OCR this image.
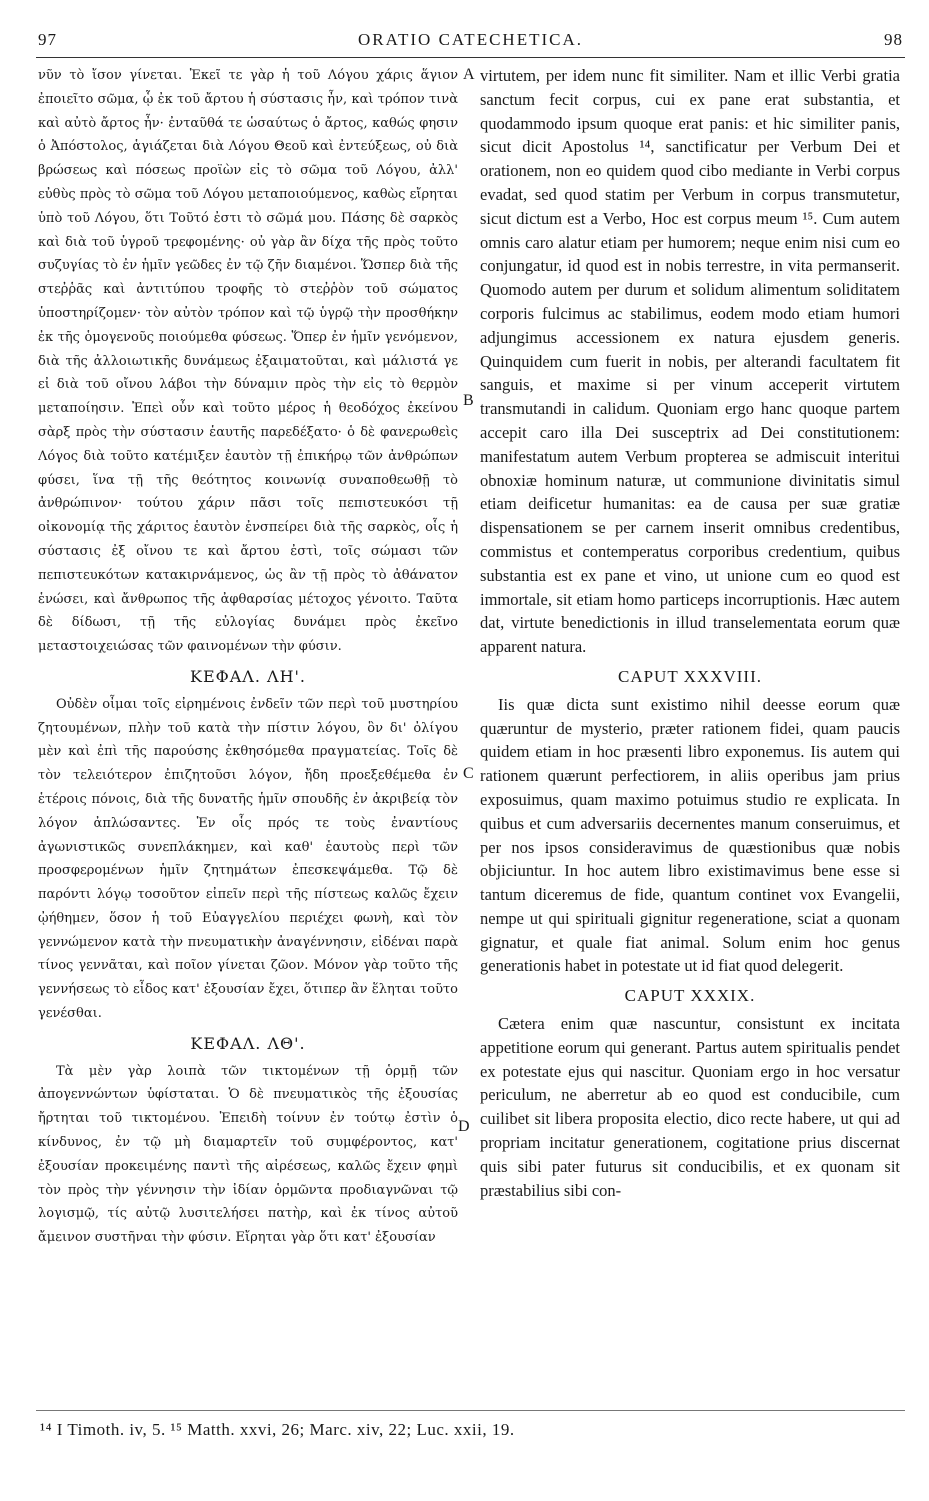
97	ORATIO CATECHETICA.	98

νῦν τὸ ἴσον γίνεται. Ἐκεῖ τε γὰρ ἡ τοῦ Λόγου χάρις ἅγιον ἐποιεῖτο σῶμα, ᾧ ἐκ τοῦ ἄρτου ἡ σύστασις ἦν, καὶ τρόπον τινὰ καὶ αὐτὸ ἄρτος ἦν· ἐνταῦθά τε ὡσαύτως ὁ ἄρτος, καθώς φησιν ὁ Ἀπόστολος, ἁγιάζεται διὰ Λόγου Θεοῦ καὶ ἐντεύξεως, οὐ διὰ βρώσεως καὶ πόσεως προϊὼν εἰς τὸ σῶμα τοῦ Λόγου, ἀλλ' εὐθὺς πρὸς τὸ σῶμα τοῦ Λόγου μεταποιούμενος, καθὼς εἴρηται ὑπὸ τοῦ Λόγου, ὅτι Τοῦτό ἐστι τὸ σῶμά μου. Πάσης δὲ σαρκὸς καὶ διὰ τοῦ ὑγροῦ τρεφομένης· οὐ γὰρ ἂν δίχα τῆς πρὸς τοῦτο συζυγίας τὸ ἐν ἡμῖν γεῶδες ἐν τῷ ζῆν διαμένοι. Ὥσπερ διὰ τῆς στεῤῥᾶς καὶ ἀντιτύπου τροφῆς τὸ στεῤῥὸν τοῦ σώματος ὑποστηρίζομεν· τὸν αὐτὸν τρόπον καὶ τῷ ὑγρῷ τὴν προσθήκην ἐκ τῆς ὁμογενοῦς ποιούμεθα φύσεως. Ὅπερ ἐν ἡμῖν γενόμενον, διὰ τῆς ἀλλοιωτικῆς δυνάμεως ἐξαιματοῦται, καὶ μάλιστά γε εἰ διὰ τοῦ οἴνου λάβοι τὴν δύναμιν πρὸς τὴν εἰς τὸ θερμὸν μεταποίησιν. Ἐπεὶ οὖν καὶ τοῦτο μέρος ἡ θεοδόχος ἐκείνου σὰρξ πρὸς τὴν σύστασιν ἑαυτῆς παρεδέξατο· ὁ δὲ φανερωθεὶς Λόγος διὰ τοῦτο κατέμιξεν ἑαυτὸν τῇ ἐπικήρῳ τῶν ἀνθρώπων φύσει, ἵνα τῇ τῆς θεότητος κοινωνίᾳ συναποθεωθῇ τὸ ἀνθρώπινον· τούτου χάριν πᾶσι τοῖς πεπιστευκόσι τῇ οἰκονομίᾳ τῆς χάριτος ἑαυτὸν ἐνσπείρει διὰ τῆς σαρκὸς, οἷς ἡ σύστασις ἐξ οἴνου τε καὶ ἄρτου ἐστὶ, τοῖς σώμασι τῶν πεπιστευκότων κατακιρνάμενος, ὡς ἂν τῇ πρὸς τὸ ἀθάνατον ἑνώσει, καὶ ἄνθρωπος τῆς ἀφθαρσίας μέτοχος γένοιτο. Ταῦτα δὲ δίδωσι, τῇ τῆς εὐλογίας δυνάμει πρὸς ἐκεῖνο μεταστοιχειώσας τῶν φαινομένων τὴν φύσιν.

ΚΕΦΑΛ. ΛΗ'.

Οὐδὲν οἶμαι τοῖς εἰρημένοις ἐνδεῖν τῶν περὶ τοῦ μυστηρίου ζητουμένων, πλὴν τοῦ κατὰ τὴν πίστιν λόγου, ὃν δι' ὀλίγου μὲν καὶ ἐπὶ τῆς παρούσης ἐκθησόμεθα πραγματείας. Τοῖς δὲ τὸν τελειότερον ἐπιζητοῦσι λόγον, ἤδη προεξεθέμεθα ἐν ἑτέροις πόνοις, διὰ τῆς δυνατῆς ἡμῖν σπουδῆς ἐν ἀκριβείᾳ τὸν λόγον ἀπλώσαντες. Ἐν οἷς πρός τε τοὺς ἐναντίους ἀγωνιστικῶς συνεπλάκημεν, καὶ καθ' ἑαυτοὺς περὶ τῶν προσφερομένων ἡμῖν ζητημάτων ἐπεσκεψάμεθα. Τῷ δὲ παρόντι λόγῳ τοσοῦτον εἰπεῖν περὶ τῆς πίστεως καλῶς ἔχειν ᾠήθημεν, ὅσον ἡ τοῦ Εὐαγγελίου περιέχει φωνὴ, καὶ τὸν γεννώμενον κατὰ τὴν πνευματικὴν ἀναγέννησιν, εἰδέναι παρὰ τίνος γεννᾶται, καὶ ποῖον γίνεται ζῶον. Μόνον γὰρ τοῦτο τῆς γεννήσεως τὸ εἶδος κατ' ἐξουσίαν ἔχει, ὅτιπερ ἂν ἕληται τοῦτο γενέσθαι.

ΚΕΦΑΛ. ΛΘ'.

Τὰ μὲν γὰρ λοιπὰ τῶν τικτομένων τῇ ὁρμῇ τῶν ἀπογεννώντων ὑφίσταται. Ὁ δὲ πνευματικὸς τῆς ἐξουσίας ἤρτηται τοῦ τικτομένου. Ἐπειδὴ τοίνυν ἐν τούτῳ ἐστὶν ὁ κίνδυνος, ἐν τῷ μὴ διαμαρτεῖν τοῦ συμφέροντος, κατ' ἐξουσίαν προκειμένης παντὶ τῆς αἱρέσεως, καλῶς ἔχειν φημὶ τὸν πρὸς τὴν γέννησιν τὴν ἰδίαν ὁρμῶντα προδιαγνῶναι τῷ λογισμῷ, τίς αὐτῷ λυσιτελήσει πατὴρ, καὶ ἐκ τίνος αὐτοῦ ἄμεινον συστῆναι τὴν φύσιν. Εἴρηται γὰρ ὅτι κατ' ἐξουσίαν

virtutem, per idem nunc fit similiter. Nam et illic Verbi gratia sanctum fecit corpus, cui ex pane erat substantia, et quodammodo ipsum quoque erat panis: et hic similiter panis, sicut dicit Apostolus ¹⁴, sanctificatur per Verbum Dei et orationem, non eo quidem quod cibo mediante in Verbi corpus evadat, sed quod statim per Verbum in corpus transmutetur, sicut dictum est a Verbo, Hoc est corpus meum ¹⁵. Cum autem omnis caro alatur etiam per humorem; neque enim nisi cum eo conjungatur, id quod est in nobis terrestre, in vita permanserit. Quomodo autem per durum et solidum alimentum soliditatem corporis fulcimus ac stabilimus, eodem modo etiam humori adjungimus accessionem ex natura ejusdem generis. Quinquidem cum fuerit in nobis, per alterandi facultatem fit sanguis, et maxime si per vinum acceperit virtutem transmutandi in calidum. Quoniam ergo hanc quoque partem accepit caro illa Dei susceptrix ad Dei constitutionem: manifestatum autem Verbum propterea se admiscuit interitui obnoxiæ hominum naturæ, ut communione divinitatis simul etiam deificetur humanitas: ea de causa per suæ gratiæ dispensationem se per carnem inserit omnibus credentibus, commistus et contemperatus corporibus credentium, quibus substantia est ex pane et vino, ut unione cum eo quod est immortale, sit etiam homo particeps incorruptionis. Hæc autem dat, virtute benedictionis in illud transelementata eorum quæ apparent natura.

CAPUT XXXVIII.

Iis quæ dicta sunt existimo nihil deesse eorum quæ quæruntur de mysterio, præter rationem fidei, quam paucis quidem etiam in hoc præsenti libro exponemus. Iis autem qui rationem quærunt perfectiorem, in aliis operibus jam prius exposuimus, quam maximo potuimus studio re explicata. In quibus et cum adversariis decernentes manum conseruimus, et per nos ipsos consideravimus de quæstionibus quæ nobis objiciuntur. In hoc autem libro existimavimus bene esse si tantum diceremus de fide, quantum continet vox Evangelii, nempe ut qui spirituali gignitur regeneratione, sciat a quonam gignatur, et quale fiat animal. Solum enim hoc genus generationis habet in potestate ut id fiat quod delegerit.

CAPUT XXXIX.

Cætera enim quæ nascuntur, consistunt ex incitata appetitione eorum qui generant. Partus autem spiritualis pendet ex potestate ejus qui nascitur. Quoniam ergo in hoc versatur periculum, ne aberretur ab eo quod est conducibile, cum cuilibet sit libera proposita electio, dico recte habere, ut qui ad propriam incitatur generationem, cogitatione prius discernat quis sibi pater futurus sit conducibilis, et ex quonam sit præstabilius sibi con-

A
B
C
D
¹⁴ I Timoth. iv, 5. ¹⁵ Matth. xxvi, 26; Marc. xiv, 22; Luc. xxii, 19.
